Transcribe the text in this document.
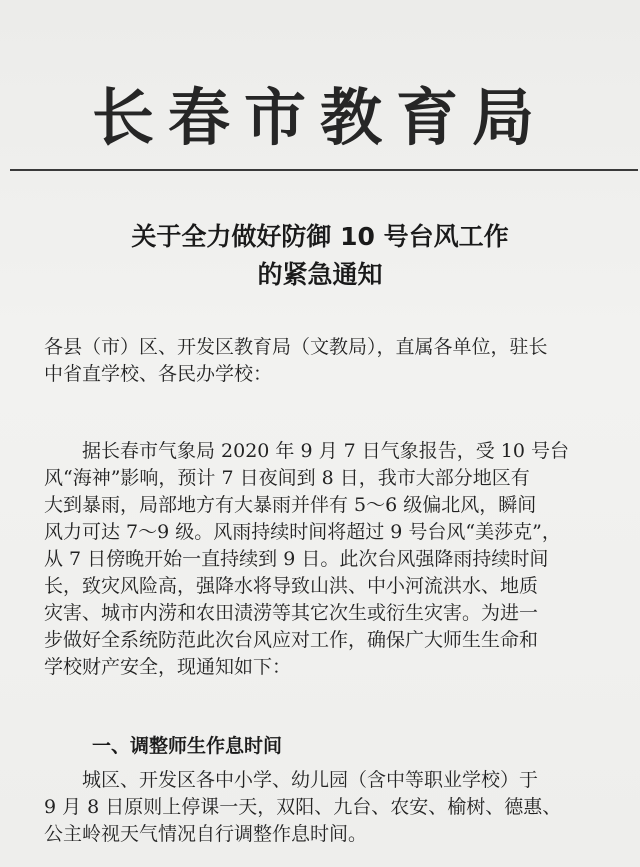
长春市教育局
关于全力做好防御 10 号台风工作
的紧急通知
各县（市）区、开发区教育局（文教局），直属各单位，驻长
中省直学校、各民办学校：
　　据长春市气象局 2020 年 9 月 7 日气象报告，受 10 号台
风“海神”影响，预计 7 日夜间到 8 日，我市大部分地区有
大到暴雨，局部地方有大暴雨并伴有 5～6 级偏北风，瞬间
风力可达 7～9 级。风雨持续时间将超过 9 号台风“美莎克”，
从 7 日傍晚开始一直持续到 9 日。此次台风强降雨持续时间
长，致灾风险高，强降水将导致山洪、中小河流洪水、地质
灾害、城市内涝和农田渍涝等其它次生或衍生灾害。为进一
步做好全系统防范此次台风应对工作，确保广大师生生命和
学校财产安全，现通知如下：
一、调整师生作息时间
　　城区、开发区各中小学、幼儿园（含中等职业学校）于
9 月 8 日原则上停课一天，双阳、九台、农安、榆树、德惠、
公主岭视天气情况自行调整作息时间。
